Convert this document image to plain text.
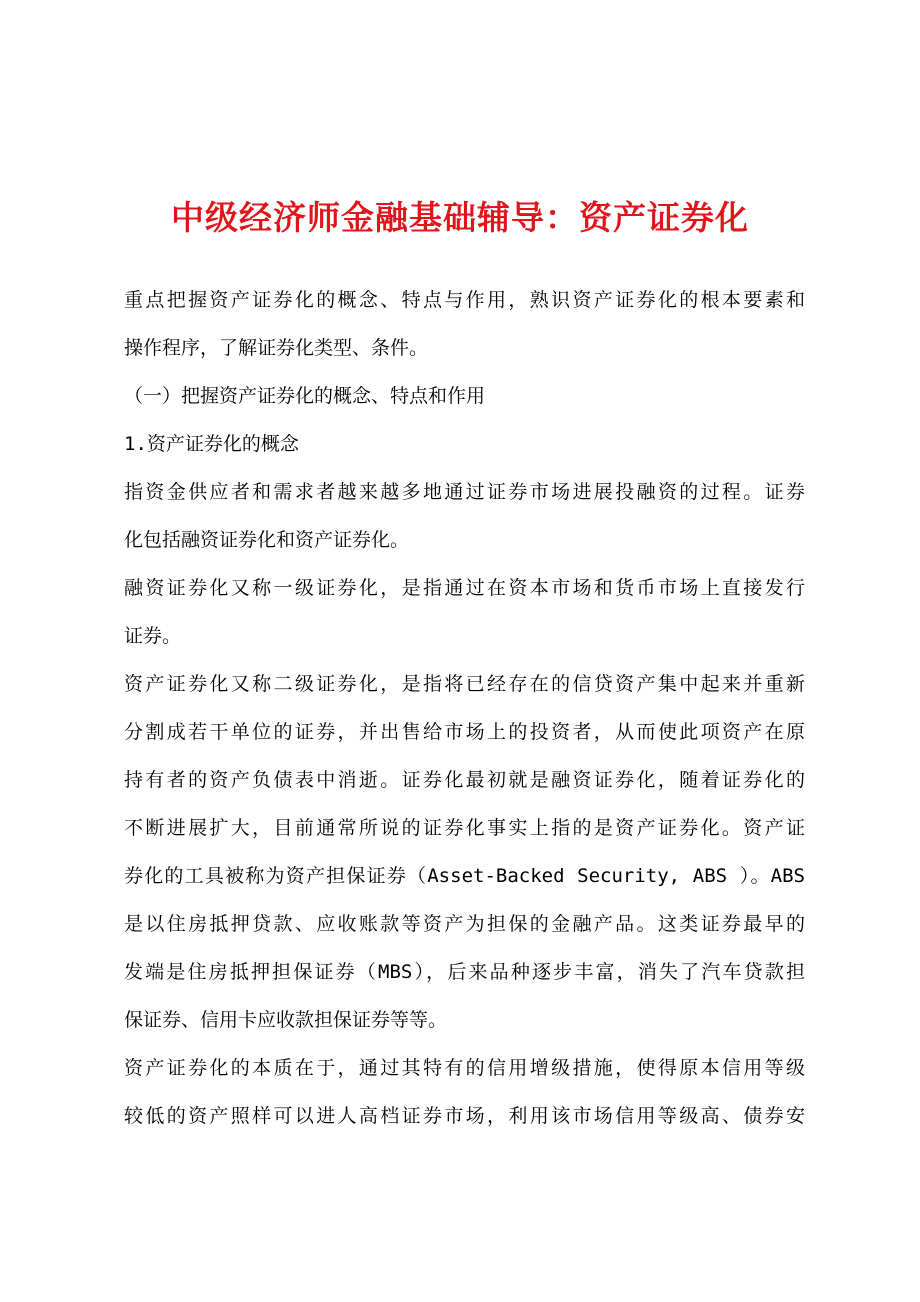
中级经济师金融基础辅导：资产证券化
重点把握资产证券化的概念、特点与作用，熟识资产证券化的根本要素和
操作程序，了解证券化类型、条件。
（一）把握资产证券化的概念、特点和作用
1.资产证券化的概念
指资金供应者和需求者越来越多地通过证券市场进展投融资的过程。证券
化包括融资证券化和资产证券化。
融资证券化又称一级证券化，是指通过在资本市场和货币市场上直接发行
证券。
资产证券化又称二级证券化，是指将已经存在的信贷资产集中起来并重新
分割成若干单位的证券，并出售给市场上的投资者，从而使此项资产在原
持有者的资产负债表中消逝。证券化最初就是融资证券化，随着证券化的
不断进展扩大，目前通常所说的证券化事实上指的是资产证券化。资产证
券化的工具被称为资产担保证券（Asset-Backed Security, ABS ）。ABS
是以住房抵押贷款、应收账款等资产为担保的金融产品。这类证券最早的
发端是住房抵押担保证券（MBS），后来品种逐步丰富，消失了汽车贷款担
保证券、信用卡应收款担保证券等等。
资产证券化的本质在于，通过其特有的信用增级措施，使得原本信用等级
较低的资产照样可以进人高档证券市场，利用该市场信用等级高、债券安
